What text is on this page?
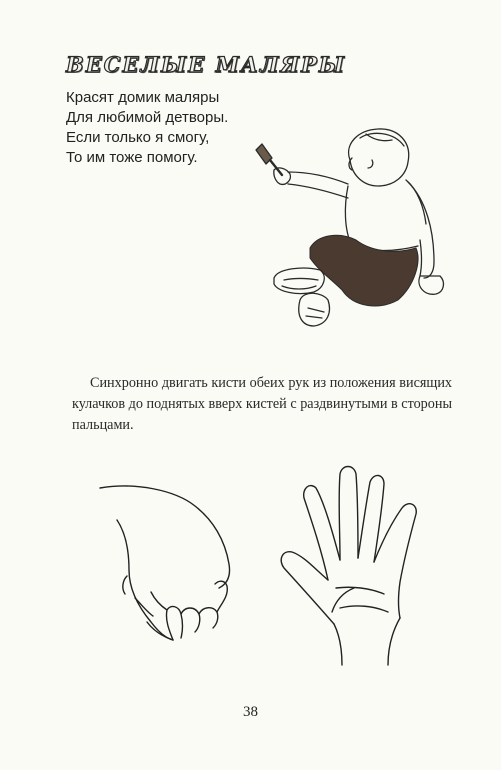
ВЕСЕЛЫЕ МАЛЯРЫ
Красят домик маляры
Для любимой детворы.
Если только я смогу,
То им тоже помогу.
Синхронно двигать кисти обеих рук из положения висящих кулачков до поднятых вверх кистей с раздвинутыми в стороны пальцами.
38
